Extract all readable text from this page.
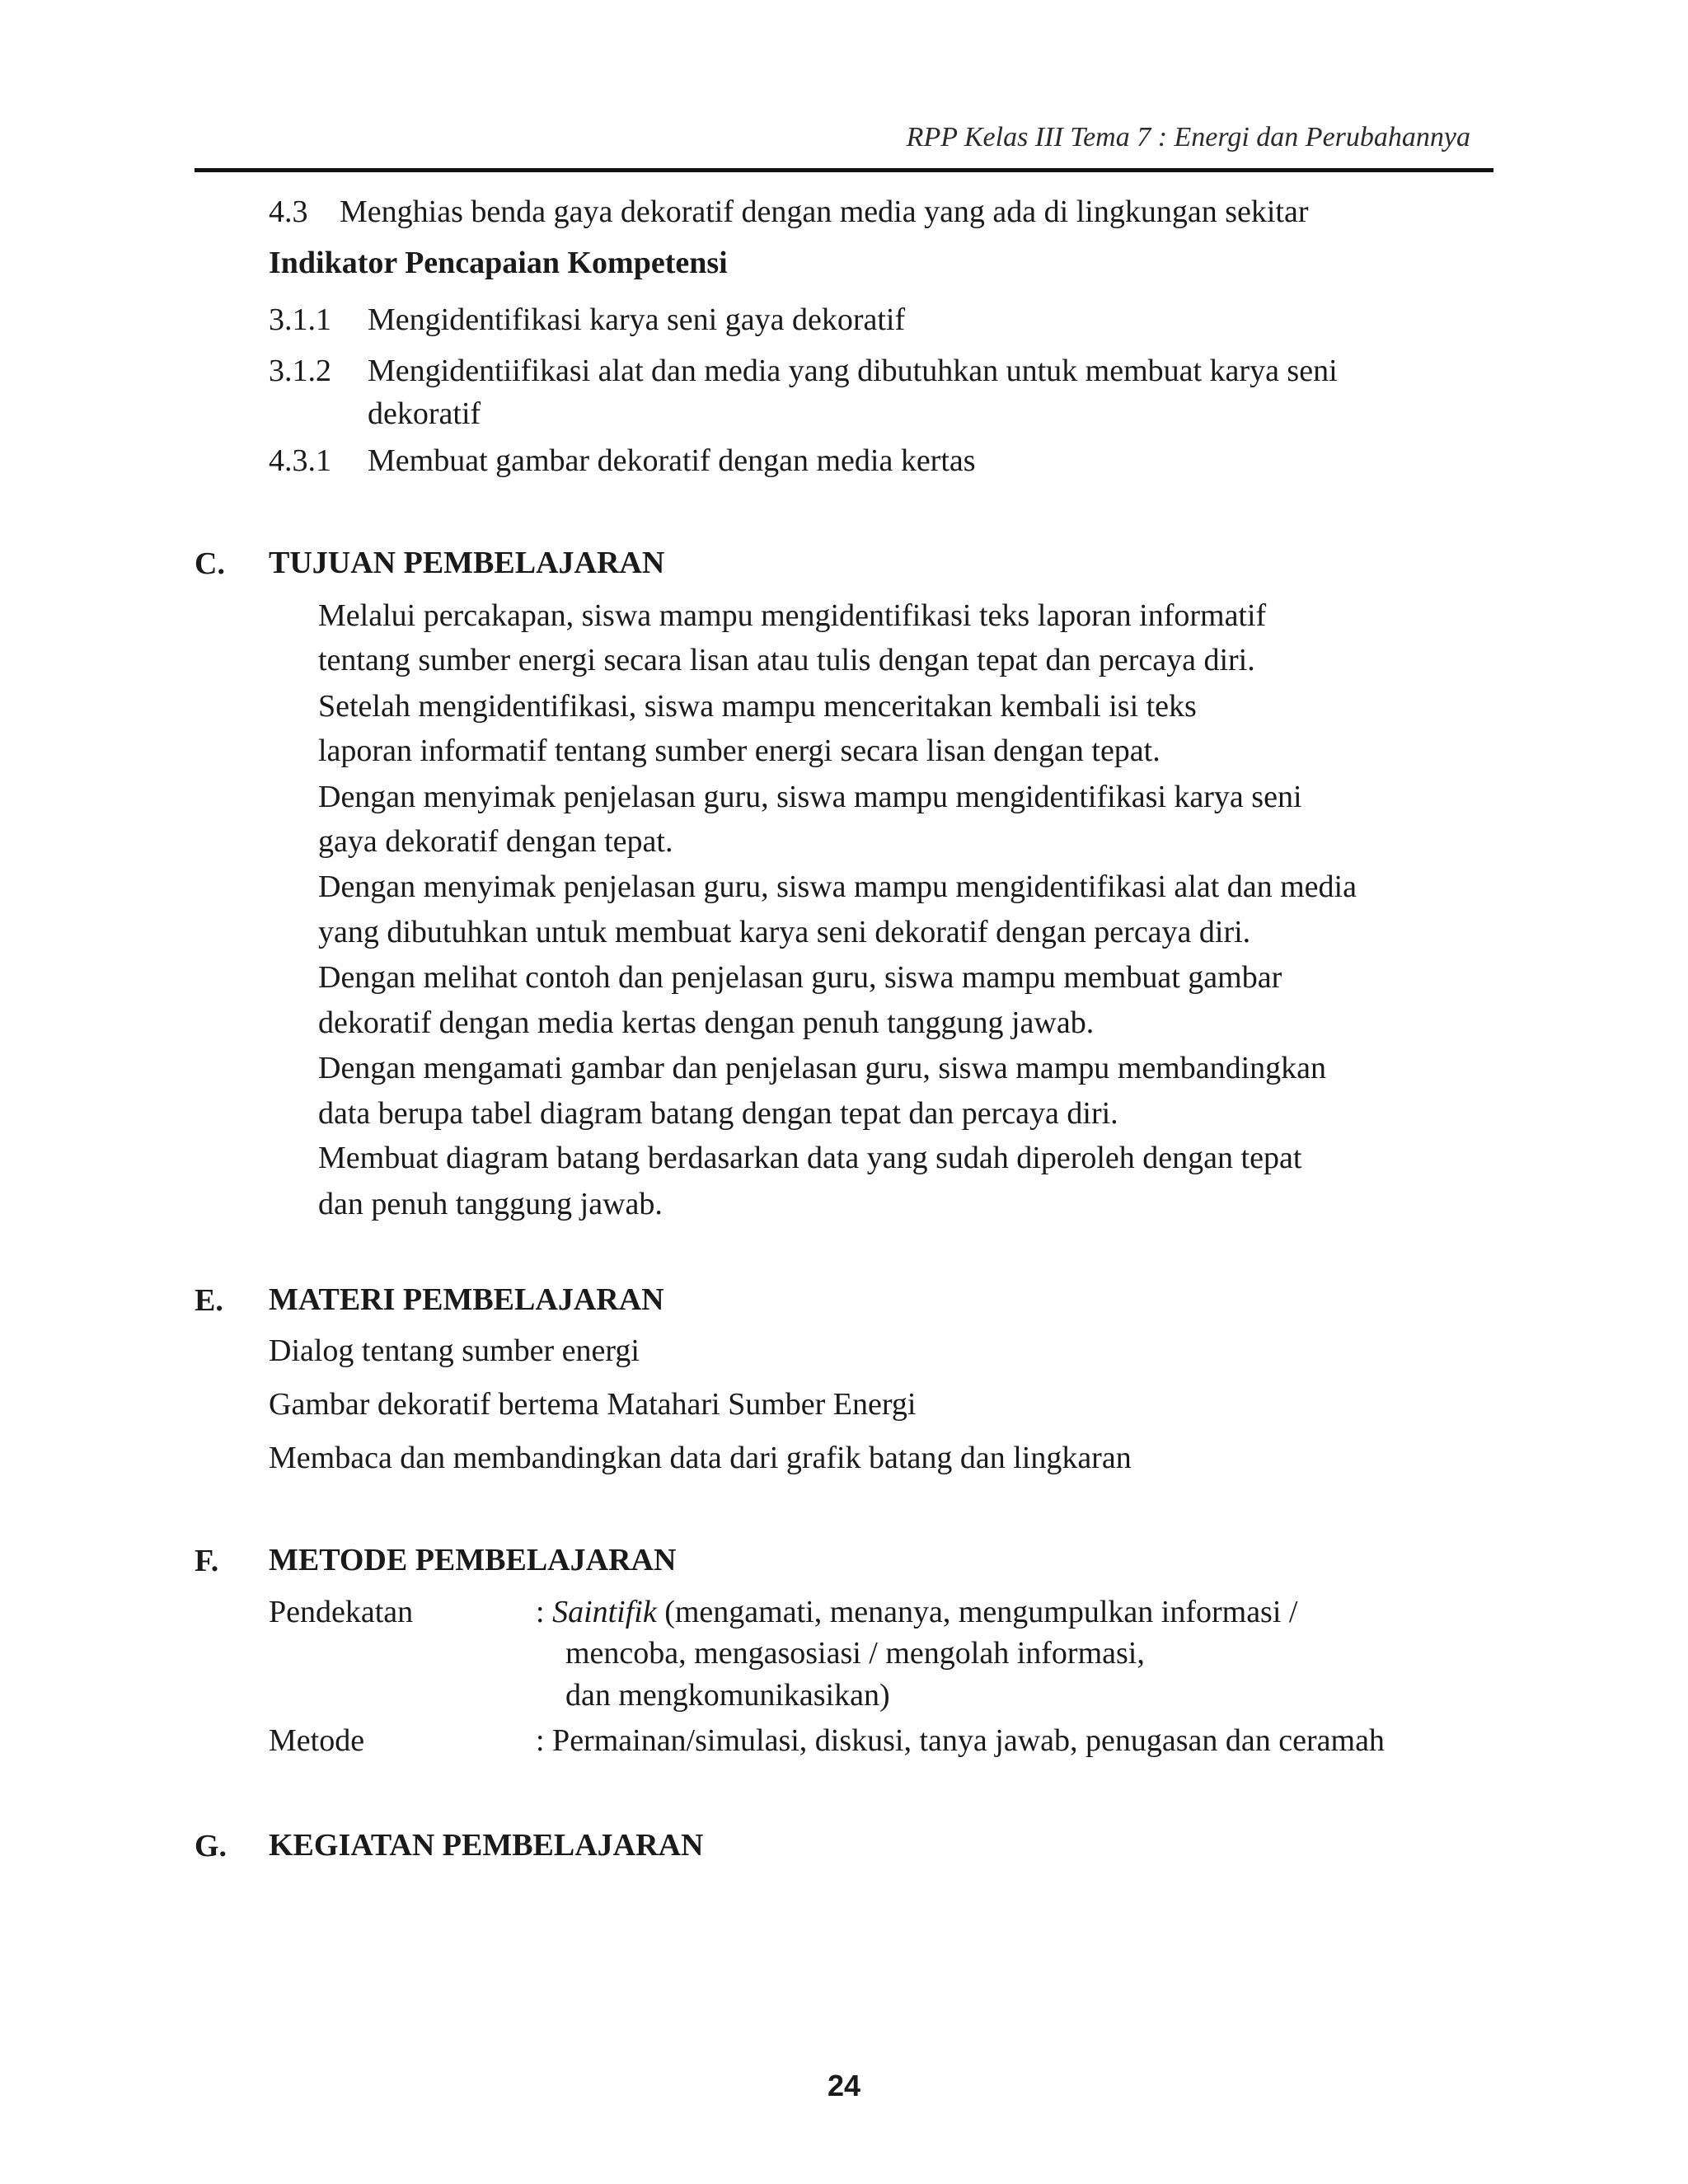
RPP Kelas III Tema 7 : Energi dan Perubahannya
4.3 Menghias benda gaya dekoratif dengan media yang ada di lingkungan sekitar
Indikator Pencapaian Kompetensi
3.1.1 Mengidentifikasi karya seni gaya dekoratif
3.1.2 Mengidentiifikasi alat dan media yang dibutuhkan untuk membuat karya seni
dekoratif
4.3.1 Membuat gambar dekoratif dengan media kertas
C. TUJUAN PEMBELAJARAN
Melalui percakapan, siswa mampu mengidentifikasi teks laporan informatif
tentang sumber energi secara lisan atau tulis dengan tepat dan percaya diri.
Setelah mengidentifikasi, siswa mampu menceritakan kembali isi teks
laporan informatif tentang sumber energi secara lisan dengan tepat.
Dengan menyimak penjelasan guru, siswa mampu mengidentifikasi karya seni
gaya dekoratif dengan tepat.
Dengan menyimak penjelasan guru, siswa mampu mengidentifikasi alat dan media
yang dibutuhkan untuk membuat karya seni dekoratif dengan percaya diri.
Dengan melihat contoh dan penjelasan guru, siswa mampu membuat gambar
dekoratif dengan media kertas dengan penuh tanggung jawab.
Dengan mengamati gambar dan penjelasan guru, siswa mampu membandingkan
data berupa tabel diagram batang dengan tepat dan percaya diri.
Membuat diagram batang berdasarkan data yang sudah diperoleh dengan tepat
dan penuh tanggung jawab.
E. MATERI PEMBELAJARAN
Dialog tentang sumber energi
Gambar dekoratif bertema Matahari Sumber Energi
Membaca dan membandingkan data dari grafik batang dan lingkaran
F. METODE PEMBELAJARAN
Pendekatan	: Saintifik (mengamati, menanya, mengumpulkan informasi /
mencoba, mengasosiasi / mengolah informasi,
dan mengkomunikasikan)
Metode	: Permainan/simulasi, diskusi, tanya jawab, penugasan dan ceramah
G. KEGIATAN PEMBELAJARAN
24
